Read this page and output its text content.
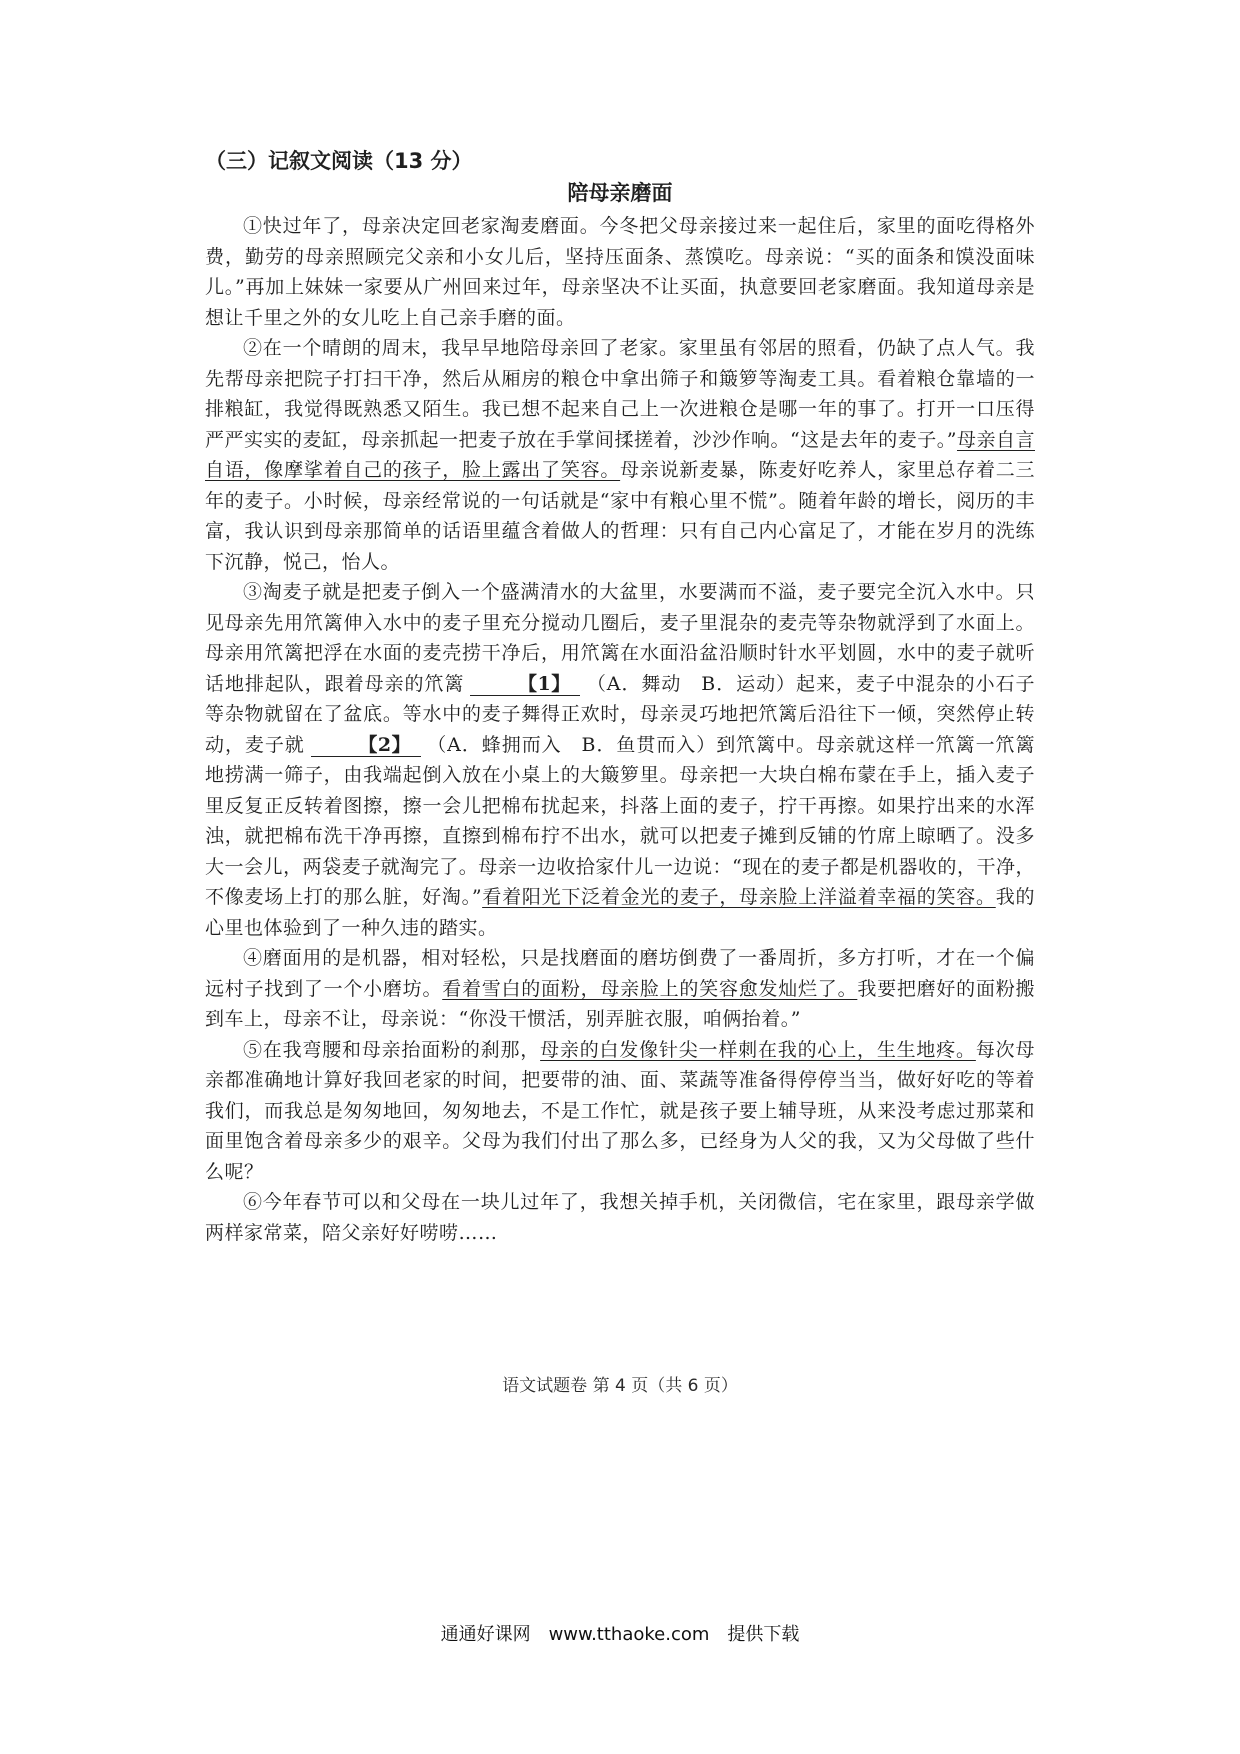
（三）记叙文阅读（13 分）

陪母亲磨面

①快过年了，母亲决定回老家淘麦磨面。今冬把父母亲接过来一起住后，家里的面吃得格外费，勤劳的母亲照顾完父亲和小女儿后，坚持压面条、蒸馍吃。母亲说：“买的面条和馍没面味儿。”再加上妹妹一家要从广州回来过年，母亲坚决不让买面，执意要回老家磨面。我知道母亲是想让千里之外的女儿吃上自己亲手磨的面。

②在一个晴朗的周末，我早早地陪母亲回了老家。家里虽有邻居的照看，仍缺了点人气。我先帮母亲把院子打扫干净，然后从厢房的粮仓中拿出筛子和簸箩等淘麦工具。看着粮仓靠墙的一排粮缸，我觉得既熟悉又陌生。我已想不起来自己上一次进粮仓是哪一年的事了。打开一口压得严严实实的麦缸，母亲抓起一把麦子放在手掌间揉搓着，沙沙作响。“这是去年的麦子。”母亲自言自语，像摩挲着自己的孩子，脸上露出了笑容。母亲说新麦暴，陈麦好吃养人，家里总存着二三年的麦子。小时候，母亲经常说的一句话就是“家中有粮心里不慌”。随着年龄的增长，阅历的丰富，我认识到母亲那简单的话语里蕴含着做人的哲理：只有自己内心富足了，才能在岁月的洗练下沉静，悦己，怡人。

③淘麦子就是把麦子倒入一个盛满清水的大盆里，水要满而不溢，麦子要完全沉入水中。只见母亲先用笊篱伸入水中的麦子里充分搅动几圈后，麦子里混杂的麦壳等杂物就浮到了水面上。母亲用笊篱把浮在水面的麦壳捞干净后，用笊篱在水面沿盆沿顺时针水平划圆，水中的麦子就听话地排起队，跟着母亲的笊篱	【1】 （A．舞动　B．运动）起来，麦子中混杂的小石子等杂物就留在了盆底。等水中的麦子舞得正欢时，母亲灵巧地把笊篱后沿往下一倾，突然停止转动，麦子就	【2】 （A．蜂拥而入　B．鱼贯而入）到笊篱中。母亲就这样一笊篱一笊篱地捞满一筛子，由我端起倒入放在小桌上的大簸箩里。母亲把一大块白棉布蒙在手上，插入麦子里反复正反转着图擦，擦一会儿把棉布扰起来，抖落上面的麦子，拧干再擦。如果拧出来的水浑浊，就把棉布洗干净再擦，直擦到棉布拧不出水，就可以把麦子摊到反铺的竹席上晾晒了。没多大一会儿，两袋麦子就淘完了。母亲一边收拾家什儿一边说：“现在的麦子都是机器收的，干净，不像麦场上打的那么脏，好淘。”看着阳光下泛着金光的麦子，母亲脸上洋溢着幸福的笑容。我的心里也体验到了一种久违的踏实。

④磨面用的是机器，相对轻松，只是找磨面的磨坊倒费了一番周折，多方打听，才在一个偏远村子找到了一个小磨坊。看着雪白的面粉，母亲脸上的笑容愈发灿烂了。我要把磨好的面粉搬到车上，母亲不让，母亲说：“你没干惯活，别弄脏衣服，咱俩抬着。”

⑤在我弯腰和母亲抬面粉的刹那，母亲的白发像针尖一样刺在我的心上，生生地疼。每次母亲都准确地计算好我回老家的时间，把要带的油、面、菜蔬等准备得停停当当，做好好吃的等着我们，而我总是匆匆地回，匆匆地去，不是工作忙，就是孩子要上辅导班，从来没考虑过那菜和面里饱含着母亲多少的艰辛。父母为我们付出了那么多，已经身为人父的我，又为父母做了些什么呢？

⑥今年春节可以和父母在一块儿过年了，我想关掉手机，关闭微信，宅在家里，跟母亲学做两样家常菜，陪父亲好好唠唠……

语文试题卷 第 4 页（共 6 页）
通通好课网　www.tthaoke.com　提供下载
